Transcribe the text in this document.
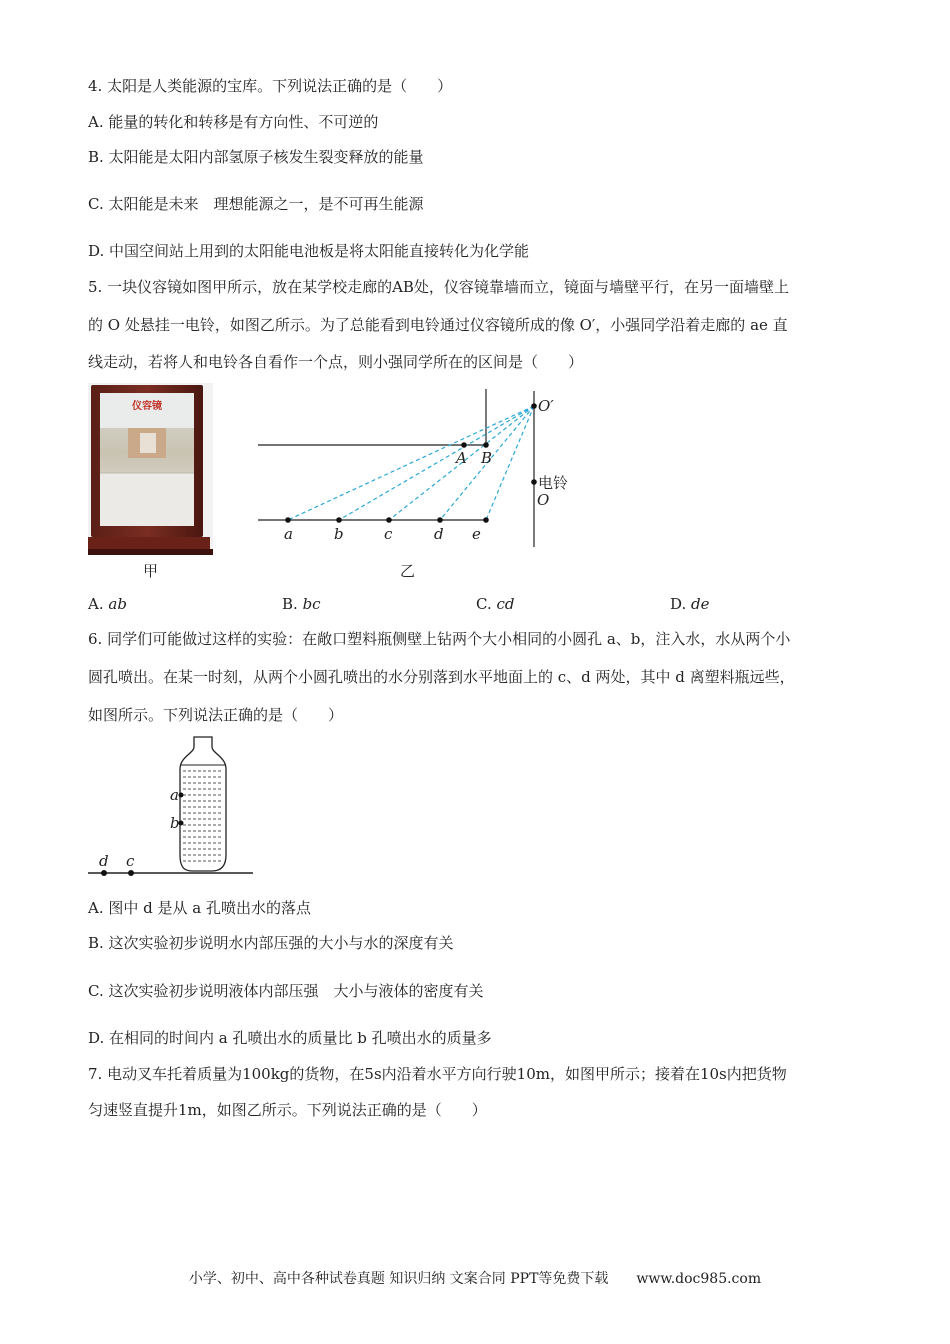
4. 太阳是人类能源的宝库。下列说法正确的是（　　）
A. 能量的转化和转移是有方向性、不可逆的
B. 太阳能是太阳内部氢原子核发生裂变释放的能量
C. 太阳能是未来　理想能源之一，是不可再生能源
D. 中国空间站上用到的太阳能电池板是将太阳能直接转化为化学能
5. 一块仪容镜如图甲所示，放在某学校走廊的AB处，仪容镜靠墙而立，镜面与墙壁平行，在另一面墙壁上
的 O 处悬挂一电铃，如图乙所示。为了总能看到电铃通过仪容镜所成的像 O′，小强同学沿着走廊的 ae 直
线走动，若将人和电铃各自看作一个点，则小强同学所在的区间是（　　）
仪容镜
甲
O′
A B
O
a	b	c	d e
电铃
乙
A. ab	B. bc	C. cd	D. de
6. 同学们可能做过这样的实验：在敞口塑料瓶侧壁上钻两个大小相同的小圆孔 a、b，注入水，水从两个小
圆孔喷出。在某一时刻，从两个小圆孔喷出的水分别落到水平地面上的 c、d 两处，其中 d 离塑料瓶远些，
如图所示。下列说法正确的是（　　）
a
b
d c
A. 图中 d 是从 a 孔喷出水的落点
B. 这次实验初步说明水内部压强的大小与水的深度有关
C. 这次实验初步说明液体内部压强　大小与液体的密度有关
D. 在相同的时间内 a 孔喷出水的质量比 b 孔喷出水的质量多
7. 电动叉车托着质量为100kg的货物，在5s内沿着水平方向行驶10m，如图甲所示；接着在10s内把货物
匀速竖直提升1m，如图乙所示。下列说法正确的是（　　）
小学、初中、高中各种试卷真题 知识归纳 文案合同 PPT等免费下载　　www.doc985.com
